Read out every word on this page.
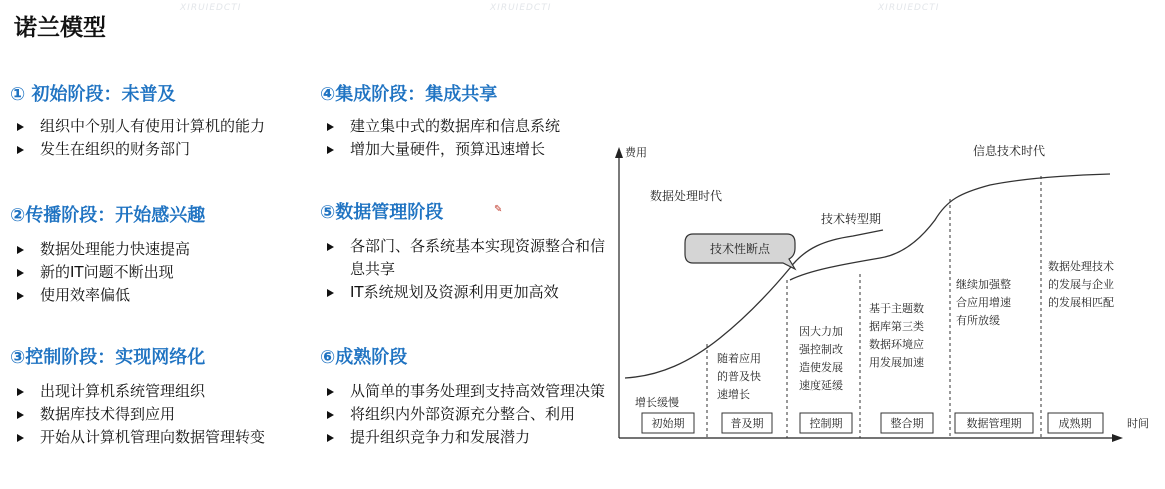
诺兰模型
XIRUIEDCTI	XIRUIEDCTI	XIRUIEDCTI
① 初始阶段：未普及
组织中个别人有使用计算机的能力
发生在组织的财务部门
②传播阶段：开始感兴趣
数据处理能力快速提高
新的IT问题不断出现
使用效率偏低
③控制阶段：实现网络化
出现计算机系统管理组织
数据库技术得到应用
开始从计算机管理向数据管理转变
④集成阶段：集成共享
建立集中式的数据库和信息系统
增加大量硬件，预算迅速增长
⑤数据管理阶段
各部门、各系统基本实现资源整合和信息共享
IT系统规划及资源利用更加高效
⑥成熟阶段
从简单的事务处理到支持高效管理决策
将组织内外部资源充分整合、利用
提升组织竞争力和发展潜力
✎
费用
时间
数据处理时代
信息技术时代
技术转型期
技术性断点
增长缓慢
随着应用 的普及快 速增长
因大力加 强控制改 造使发展 速度延缓
基于主题数 据库第三类 数据环境应 用发展加速
继续加强整 合应用增速 有所放缓
数据处理技术 的发展与企业 的发展相匹配
初始期	普及期	控制期	整合期	数据管理期	成熟期
